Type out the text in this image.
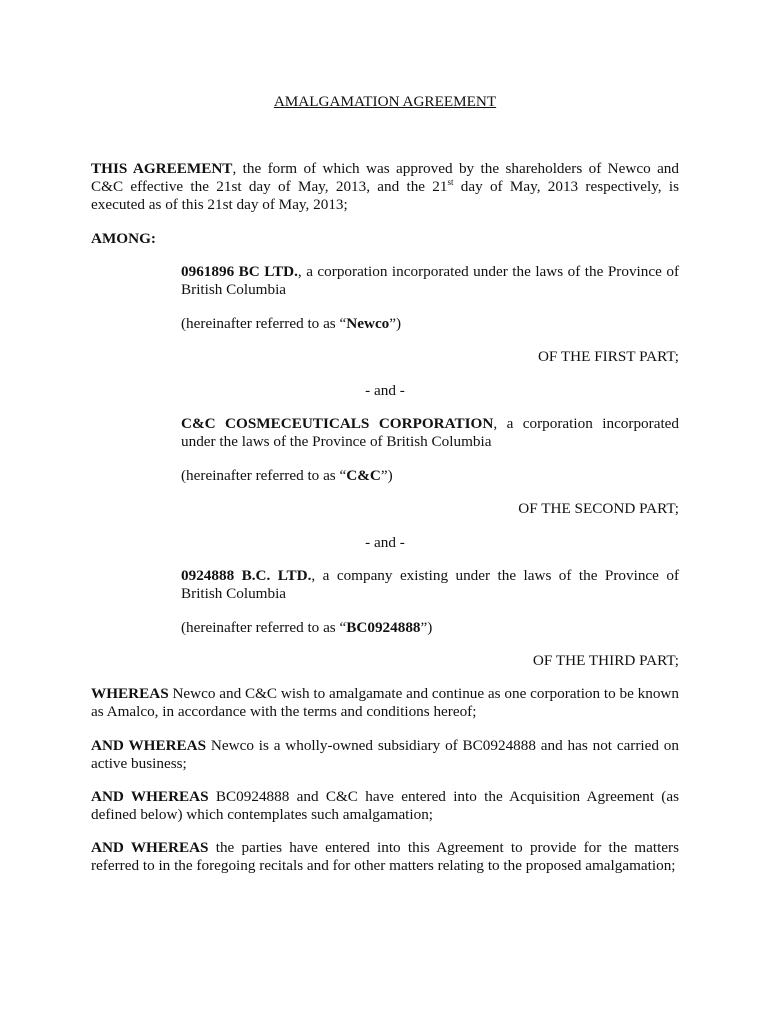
AMALGAMATION AGREEMENT
THIS AGREEMENT, the form of which was approved by the shareholders of Newco and C&C effective the 21st day of May, 2013, and the 21st day of May, 2013 respectively, is executed as of this 21st day of May, 2013;
AMONG:
0961896 BC LTD., a corporation incorporated under the laws of the Province of British Columbia
(hereinafter referred to as “Newco”)
OF THE FIRST PART;
- and -
C&C COSMECEUTICALS CORPORATION, a corporation incorporated under the laws of the Province of British Columbia
(hereinafter referred to as “C&C”)
OF THE SECOND PART;
- and -
0924888 B.C. LTD., a company existing under the laws of the Province of British Columbia
(hereinafter referred to as “BC0924888”)
OF THE THIRD PART;
WHEREAS Newco and C&C wish to amalgamate and continue as one corporation to be known as Amalco, in accordance with the terms and conditions hereof;
AND WHEREAS Newco is a wholly-owned subsidiary of BC0924888 and has not carried on active business;
AND WHEREAS BC0924888 and C&C have entered into the Acquisition Agreement (as defined below) which contemplates such amalgamation;
AND WHEREAS the parties have entered into this Agreement to provide for the matters referred to in the foregoing recitals and for other matters relating to the proposed amalgamation;
